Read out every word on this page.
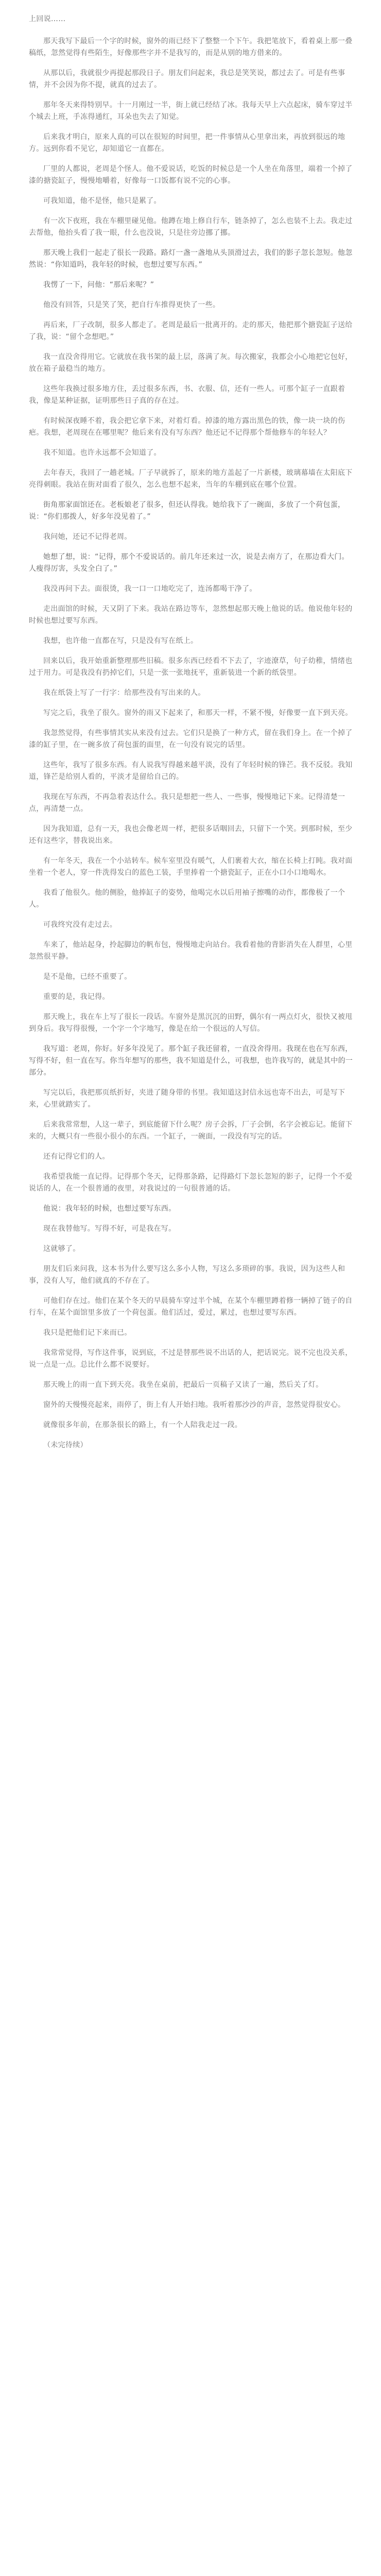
上回说……

那天我写下最后一个字的时候，窗外的雨已经下了整整一个下午。我把笔放下，看着桌上那一叠稿纸，忽然觉得有些陌生，好像那些字并不是我写的，而是从别的地方借来的。

从那以后，我就很少再提起那段日子。朋友们问起来，我总是笑笑说，都过去了。可是有些事情，并不会因为你不提，就真的过去了。

那年冬天来得特别早。十一月刚过一半，街上就已经结了冰。我每天早上六点起床，骑车穿过半个城去上班，手冻得通红，耳朵也失去了知觉。

后来我才明白，原来人真的可以在很短的时间里，把一件事情从心里拿出来，再放到很远的地方。远到你看不见它，却知道它一直都在。

厂里的人都说，老周是个怪人。他不爱说话，吃饭的时候总是一个人坐在角落里，端着一个掉了漆的搪瓷缸子，慢慢地嚼着，好像每一口饭都有说不完的心事。

可我知道，他不是怪，他只是累了。

有一次下夜班，我在车棚里碰见他。他蹲在地上修自行车，链条掉了，怎么也装不上去。我走过去帮他，他抬头看了我一眼，什么也没说，只是往旁边挪了挪。

那天晚上我们一起走了很长一段路。路灯一盏一盏地从头顶滑过去，我们的影子忽长忽短。他忽然说：“你知道吗，我年轻的时候，也想过要写东西。”

我愣了一下，问他：“那后来呢？”

他没有回答，只是笑了笑，把自行车推得更快了一些。

再后来，厂子改制，很多人都走了。老周是最后一批离开的。走的那天，他把那个搪瓷缸子送给了我，说：“留个念想吧。”

我一直没舍得用它。它就放在我书架的最上层，落满了灰。每次搬家，我都会小心地把它包好，放在箱子最稳当的地方。

这些年我换过很多地方住，丢过很多东西，书、衣服、信，还有一些人。可那个缸子一直跟着我，像是某种证据，证明那些日子真的存在过。

有时候深夜睡不着，我会把它拿下来，对着灯看。掉漆的地方露出黑色的铁，像一块一块的伤疤。我想，老周现在在哪里呢？他后来有没有写东西？他还记不记得那个帮他修车的年轻人？

我不知道。也许永远都不会知道了。

去年春天，我回了一趟老城。厂子早就拆了，原来的地方盖起了一片新楼，玻璃幕墙在太阳底下亮得刺眼。我站在街对面看了很久，怎么也想不起来，当年的车棚到底在哪个位置。

街角那家面馆还在。老板娘老了很多，但还认得我。她给我下了一碗面，多放了一个荷包蛋，说：“你们那拨人，好多年没见着了。”

我问她，还记不记得老周。

她想了想，说：“记得，那个不爱说话的。前几年还来过一次，说是去南方了，在那边看大门。人瘦得厉害，头发全白了。”

我没再问下去。面很烫，我一口一口地吃完了，连汤都喝干净了。

走出面馆的时候，天又阴了下来。我站在路边等车，忽然想起那天晚上他说的话。他说他年轻的时候也想过要写东西。

我想，也许他一直都在写，只是没有写在纸上。

回来以后，我开始重新整理那些旧稿。很多东西已经看不下去了，字迹潦草，句子幼稚，情绪也过于用力。可是我没有扔掉它们，只是一张一张地抚平，重新装进一个新的纸袋里。

我在纸袋上写了一行字：给那些没有写出来的人。

写完之后，我坐了很久。窗外的雨又下起来了，和那天一样，不紧不慢，好像要一直下到天亮。

我忽然觉得，有些事情其实从来没有过去。它们只是换了一种方式，留在我们身上。在一个掉了漆的缸子里，在一碗多放了荷包蛋的面里，在一句没有说完的话里。

这些年，我写了很多东西。有人说我写得越来越平淡，没有了年轻时候的锋芒。我不反驳。我知道，锋芒是给别人看的，平淡才是留给自己的。

我现在写东西，不再急着表达什么。我只是想把一些人、一些事，慢慢地记下来。记得清楚一点，再清楚一点。

因为我知道，总有一天，我也会像老周一样，把很多话咽回去，只留下一个笑。到那时候，至少还有这些字，替我说出来。

有一年冬天，我在一个小站转车。候车室里没有暖气，人们裹着大衣，缩在长椅上打盹。我对面坐着一个老人，穿一件洗得发白的蓝色工装，手里捧着一个搪瓷缸子，正在小口小口地喝水。

我看了他很久。他的侧脸，他捧缸子的姿势，他喝完水以后用袖子擦嘴的动作，都像极了一个人。

可我终究没有走过去。

车来了，他站起身，拎起脚边的帆布包，慢慢地走向站台。我看着他的背影消失在人群里，心里忽然很平静。

是不是他，已经不重要了。

重要的是，我记得。

那天晚上，我在车上写了很长一段话。车窗外是黑沉沉的田野，偶尔有一两点灯火，很快又被甩到身后。我写得很慢，一个字一个字地写，像是在给一个很远的人写信。

我写道：老周，你好。好多年没见了。那个缸子我还留着，一直没舍得用。我现在也在写东西，写得不好，但一直在写。你当年想写的那些，我不知道是什么，可我想，也许我写的，就是其中的一部分。

写完以后，我把那页纸折好，夹进了随身带的书里。我知道这封信永远也寄不出去，可是写下来，心里就踏实了。

后来我常常想，人这一辈子，到底能留下什么呢？房子会拆，厂子会倒，名字会被忘记。能留下来的，大概只有一些很小很小的东西。一个缸子，一碗面，一段没有写完的话。

还有记得它们的人。

我希望我能一直记得。记得那个冬天，记得那条路，记得路灯下忽长忽短的影子，记得一个不爱说话的人，在一个很普通的夜里，对我说过的一句很普通的话。

他说：我年轻的时候，也想过要写东西。

现在我替他写。写得不好，可是我在写。

这就够了。

朋友们后来问我，这本书为什么要写这么多小人物，写这么多琐碎的事。我说，因为这些人和事，没有人写，他们就真的不存在了。

可他们存在过。他们在某个冬天的早晨骑车穿过半个城，在某个车棚里蹲着修一辆掉了链子的自行车，在某个面馆里多放了一个荷包蛋。他们活过，爱过，累过，也想过要写东西。

我只是把他们记下来而已。

我常常觉得，写作这件事，说到底，不过是替那些说不出话的人，把话说完。说不完也没关系，说一点是一点。总比什么都不说要好。

那天晚上的雨一直下到天亮。我坐在桌前，把最后一页稿子又读了一遍，然后关了灯。

窗外的天慢慢亮起来，雨停了，街上有人开始扫地。我听着那沙沙的声音，忽然觉得很安心。

就像很多年前，在那条很长的路上，有一个人陪我走过一段。

（未完待续）
